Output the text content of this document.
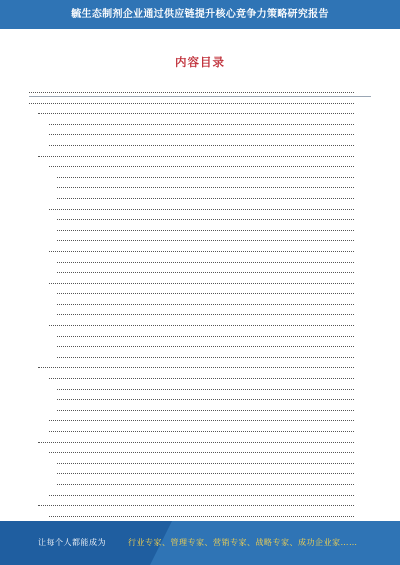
毓生态制剂企业通过供应链提升核心竞争力策略研究报告
内容目录
让每个人都能成为	行业专家、管理专家、营销专家、战略专家、成功企业家……
